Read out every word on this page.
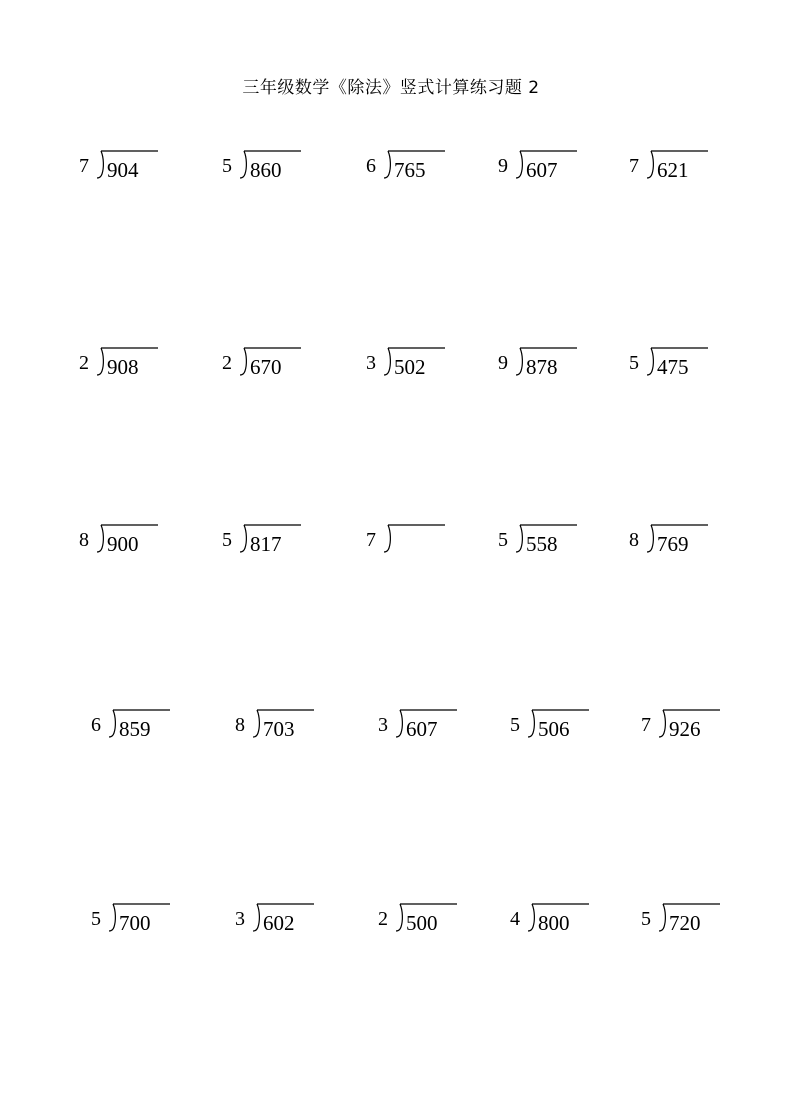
三年级数学《除法》竖式计算练习题 2
7 904	5 860	6 765	9 607	7 621
2 908	2 670	3 502	9 878	5 475
8 900	5 817	7	5 558	8 769
6 859	8 703	3 607	5 506	7 926
5 700	3 602	2 500	4 800	5 720
